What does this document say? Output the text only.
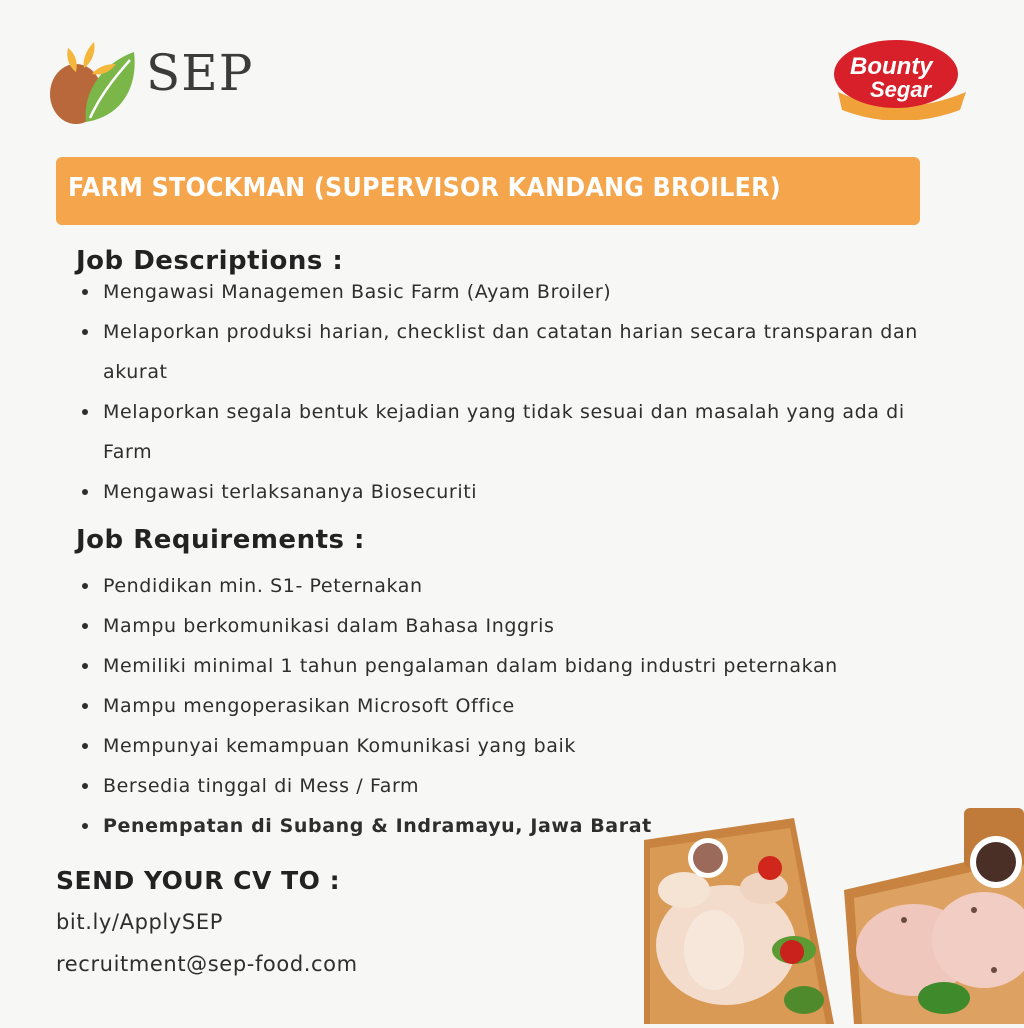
SEP	Bounty
Segar
FARM STOCKMAN (SUPERVISOR KANDANG BROILER)
Job Descriptions :
Mengawasi Managemen Basic Farm (Ayam Broiler)
Melaporkan produksi harian, checklist dan catatan harian secara transparan dan akurat
Melaporkan segala bentuk kejadian yang tidak sesuai dan masalah yang ada di Farm
Mengawasi terlaksananya Biosecuriti
Job Requirements :
Pendidikan min. S1- Peternakan
Mampu berkomunikasi dalam Bahasa Inggris
Memiliki minimal 1 tahun pengalaman dalam bidang industri peternakan
Mampu mengoperasikan Microsoft Office
Mempunyai kemampuan Komunikasi yang baik
Bersedia tinggal di Mess / Farm
Penempatan di Subang & Indramayu, Jawa Barat
SEND YOUR CV TO :
bit.ly/ApplySEP
recruitment@sep-food.com
